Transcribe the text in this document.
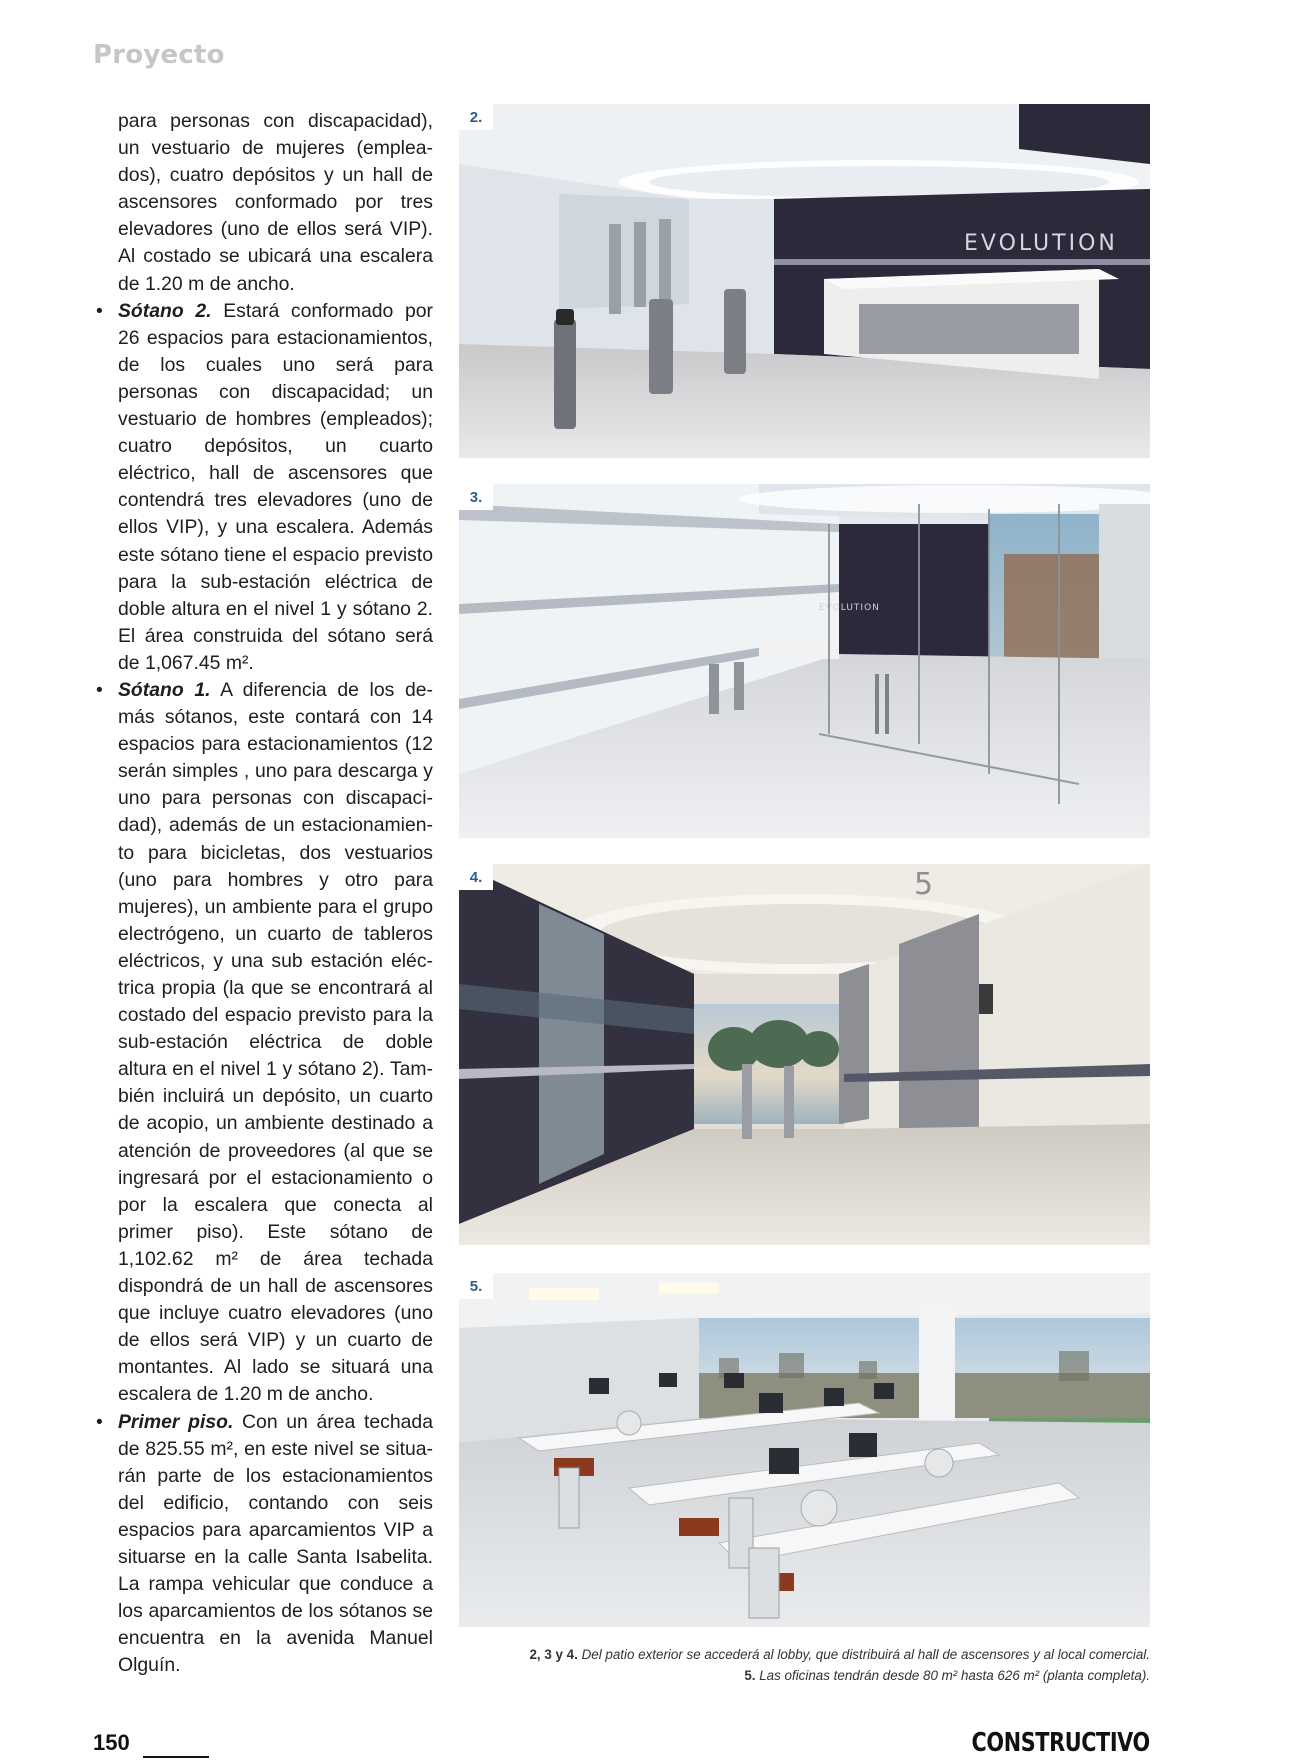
Proyecto

para personas con discapacidad), un vestuario de mujeres (emplea-dos), cuatro depósitos y un hall de ascensores conformado por tres elevadores (uno de ellos será VIP). Al costado se ubicará una escalera de 1.20 m de ancho.

• Sótano 2. Estará conformado por 26 espacios para estacionamientos, de los cuales uno será para personas con discapacidad; un vestuario de hombres (empleados); cuatro depósitos, un cuarto eléctrico, hall de ascensores que contendrá tres elevadores (uno de ellos VIP), y una escalera. Además este sótano tiene el espacio previsto para la sub-estación eléctrica de doble altura en el nivel 1 y sótano 2. El área construida del sótano será de 1,067.45 m².
• Sótano 1. A diferencia de los de-más sótanos, este contará con 14 espacios para estacionamientos (12 serán simples , uno para descarga y uno para personas con discapaci-dad), además de un estacionamien-to para bicicletas, dos vestuarios (uno para hombres y otro para mujeres), un ambiente para el grupo electrógeno, un cuarto de tableros eléctricos, y una sub estación eléc-trica propia (la que se encontrará al costado del espacio previsto para la sub-estación eléctrica de doble altura en el nivel 1 y sótano 2). Tam-bién incluirá un depósito, un cuarto de acopio, un ambiente destinado a atención de proveedores (al que se ingresará por el estacionamiento o por la escalera que conecta al primer piso). Este sótano de 1,102.62 m² de área techada dispondrá de un hall de ascensores que incluye cuatro elevadores (uno de ellos será VIP) y un cuarto de montantes. Al lado se situará una escalera de 1.20 m de ancho.
• Primer piso. Con un área techada de 825.55 m², en este nivel se situa-rán parte de los estacionamientos del edificio, contando con seis espacios para aparcamientos VIP a situarse en la calle Santa Isabelita. La rampa vehicular que conduce a los aparcamientos de los sótanos se encuentra en la avenida Manuel Olguín.
EVOLUTION
2.
EVOLUTION
3.
5
4.
5.
2, 3 y 4. Del patio exterior se accederá al lobby, que distribuirá al hall de ascensores y al local comercial.
5. Las oficinas tendrán desde 80 m² hasta 626 m² (planta completa).
150	CONSTRUCTIVO
